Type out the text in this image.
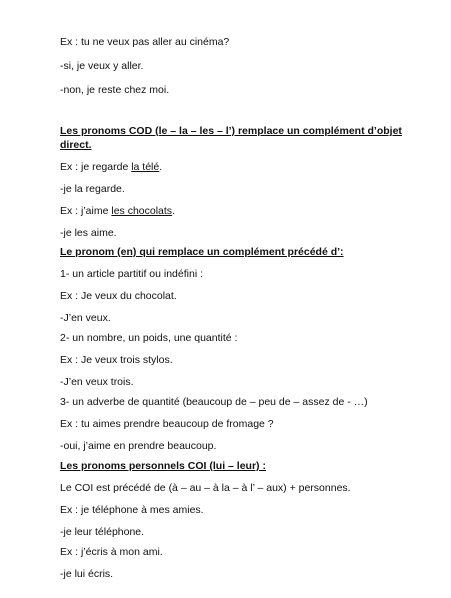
Ex : tu ne veux pas aller au cinéma?
-si, je veux y aller.
-non, je reste chez moi.
Les pronoms COD (le – la – les – l’) remplace un complément d’objet
direct.
Ex : je regarde la télé.
-je la regarde.
Ex : j’aime les chocolats.
-je les aime.
Le pronom (en) qui remplace un complément précédé d’:
1- un article partitif ou indéfini :
Ex : Je veux du chocolat.
-J’en veux.
2- un nombre, un poids, une quantité :
Ex : Je veux trois stylos.
-J’en veux trois.
3- un adverbe de quantité (beaucoup de – peu de – assez de - …)
Ex : tu aimes prendre beaucoup de fromage ?
-oui, j’aime en prendre beaucoup.
Les pronoms personnels COI (lui – leur) :
Le COI est précédé de (à – au – à la – à l’ – aux) + personnes.
Ex : je téléphone à mes amies.
-je leur téléphone.
Ex : j’écris à mon ami.
-je lui écris.
